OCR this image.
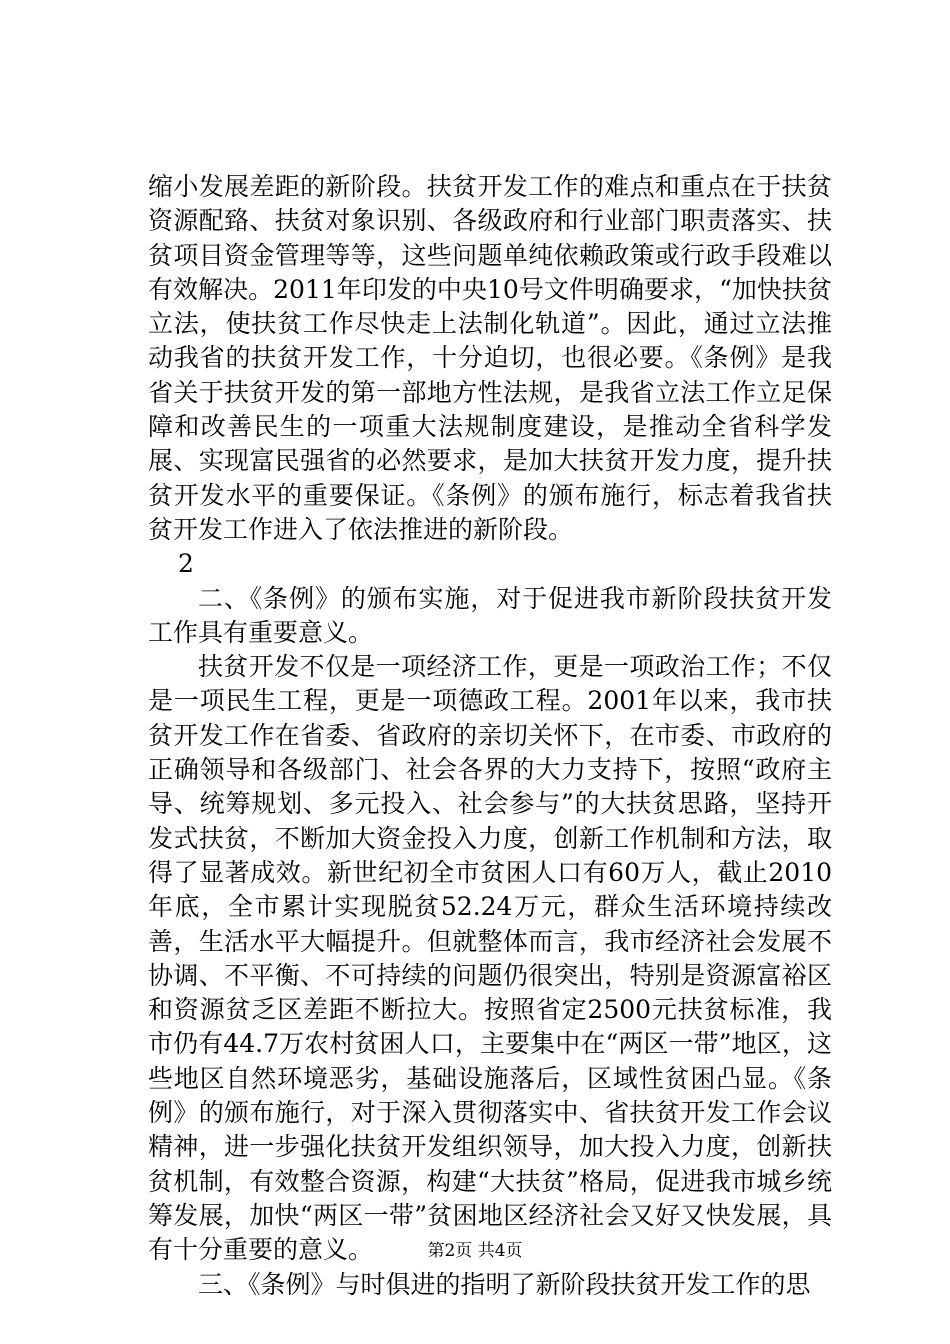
缩小发展差距的新阶段。扶贫开发工作的难点和重点在于扶贫资源配臵、扶贫对象识别、各级政府和行业部门职责落实、扶贫项目资金管理等等，这些问题单纯依赖政策或行政手段难以有效解决。2011年印发的中央10号文件明确要求，“加快扶贫立法，使扶贫工作尽快走上法制化轨道”。因此，通过立法推动我省的扶贫开发工作，十分迫切，也很必要。《条例》是我省关于扶贫开发的第一部地方性法规，是我省立法工作立足保障和改善民生的一项重大法规制度建设，是推动全省科学发展、实现富民强省的必然要求，是加大扶贫开发力度，提升扶贫开发水平的重要保证。《条例》的颁布施行，标志着我省扶贫开发工作进入了依法推进的新阶段。

2

二、《条例》的颁布实施，对于促进我市新阶段扶贫开发工作具有重要意义。

扶贫开发不仅是一项经济工作，更是一项政治工作；不仅是一项民生工程，更是一项德政工程。2001年以来，我市扶贫开发工作在省委、省政府的亲切关怀下，在市委、市政府的正确领导和各级部门、社会各界的大力支持下，按照“政府主导、统筹规划、多元投入、社会参与”的大扶贫思路，坚持开发式扶贫，不断加大资金投入力度，创新工作机制和方法，取得了显著成效。新世纪初全市贫困人口有60万人，截止2010年底，全市累计实现脱贫52.24万元，群众生活环境持续改善，生活水平大幅提升。但就整体而言，我市经济社会发展不协调、不平衡、不可持续的问题仍很突出，特别是资源富裕区和资源贫乏区差距不断拉大。按照省定2500元扶贫标准，我市仍有44.7万农村贫困人口，主要集中在“两区一带”地区，这些地区自然环境恶劣，基础设施落后，区域性贫困凸显。《条例》的颁布施行，对于深入贯彻落实中、省扶贫开发工作会议精神，进一步强化扶贫开发组织领导，加大投入力度，创新扶贫机制，有效整合资源，构建“大扶贫”格局，促进我市城乡统筹发展，加快“两区一带”贫困地区经济社会又好又快发展，具有十分重要的意义。

三、《条例》与时俱进的指明了新阶段扶贫开发工作的思

第2页 共4页
